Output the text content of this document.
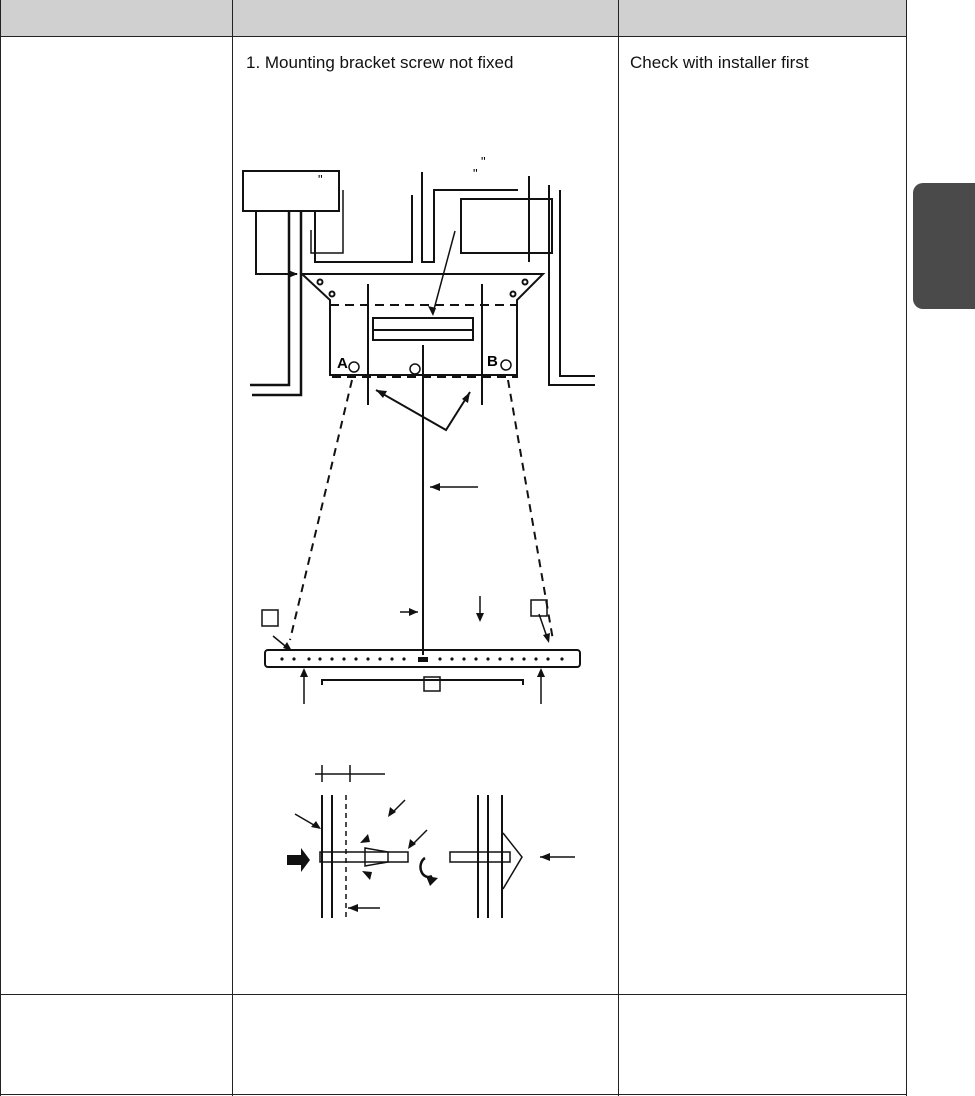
1. Mounting bracket screw not fixed	Check with installer first
A	B
"
"
"
